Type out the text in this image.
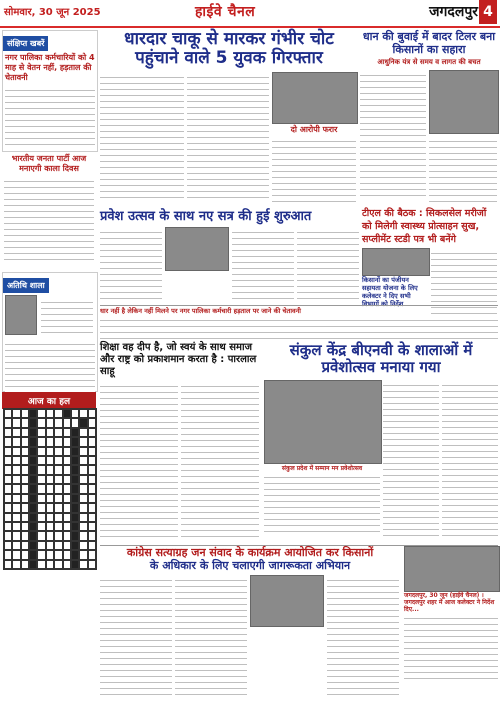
सोमवार, 30 जून 2025	हाईवे चैनल	जगदलपुर 4
संक्षिप्त खबरें
नगर पालिका कर्मचारियों को 4 माह से वेतन नहीं, हड़ताल की चेतावनी
भारतीय जनता पार्टी आज मनाएगी काला दिवस
अतिथि शाला
आज का हल
धारदार चाकू से मारकर गंभीर चोट पहुंचाने वाले 5 युवक गिरफ्तार
दो आरोपी फरार
धान की बुवाई में बादर टिलर बना किसानों का सहारा
आधुनिक यंत्र से समय व लागत की बचत
प्रवेश उत्सव के साथ नए सत्र की हुई शुरुआत	टीएल की बैठक : सिकलसेल मरीजों को मिलेगी स्वास्थ्य प्रोत्साहन सुख, सप्लीमेंट स्टडी पत्र भी बनेंगे
किसानों का पंजीयन सहायता योजना के लिए
कलेक्टर ने दिए सभी विभागों को निर्देश
धार नहीं है लेकिन नहीं मिलने पर नगर पालिका कर्मचारी हड़ताल पर जाने की चेतावनी
शिक्षा वह दीप है, जो स्वयं के साथ समाज और राष्ट्र को प्रकाशमान करता है : पारलाल साहू
संकुल केंद्र बीएनवी के शालाओं में प्रवेशोत्सव मनाया गया
संकुल प्रदेश में सम्मान मन प्रवेशोत्सव
कांग्रेस सत्याग्रह जन संवाद के कार्यक्रम आयोजित कर किसानों
के अधिकार के लिए चलाएगी जागरूकता अभियान
जगदलपुर, 30 जून (हाईवे चैनल) । जगदलपुर शहर में आज कलेक्टर ने निर्देश दिए...
